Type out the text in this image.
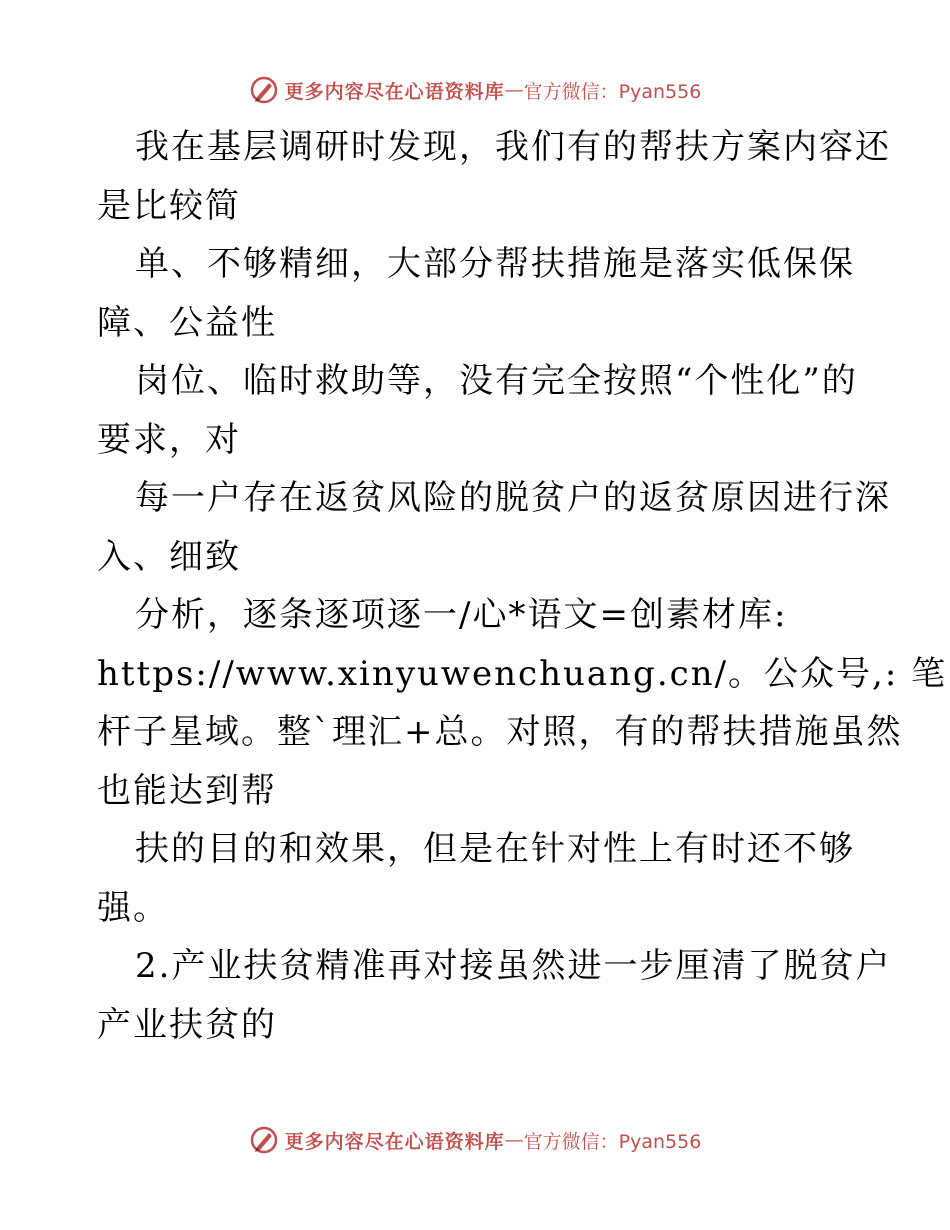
更多内容尽在心语资料库 — 官方微信：Pyan556
我在基层调研时发现，我们有的帮扶方案内容还
是比较简
单、不够精细，大部分帮扶措施是落实低保保
障、公益性
岗位、临时救助等，没有完全按照“个性化”的
要求，对
每一户存在返贫风险的脱贫户的返贫原因进行深
入、细致
分析，逐条逐项逐一/心*语文=创素材库:
https://www.xinyuwenchuang.cn/。公众号,: 笔
杆子星域。整`理汇+总。对照，有的帮扶措施虽然
也能达到帮
扶的目的和效果，但是在针对性上有时还不够
强。
2.产业扶贫精准再对接虽然进一步厘清了脱贫户
产业扶贫的
更多内容尽在心语资料库 — 官方微信：Pyan556
